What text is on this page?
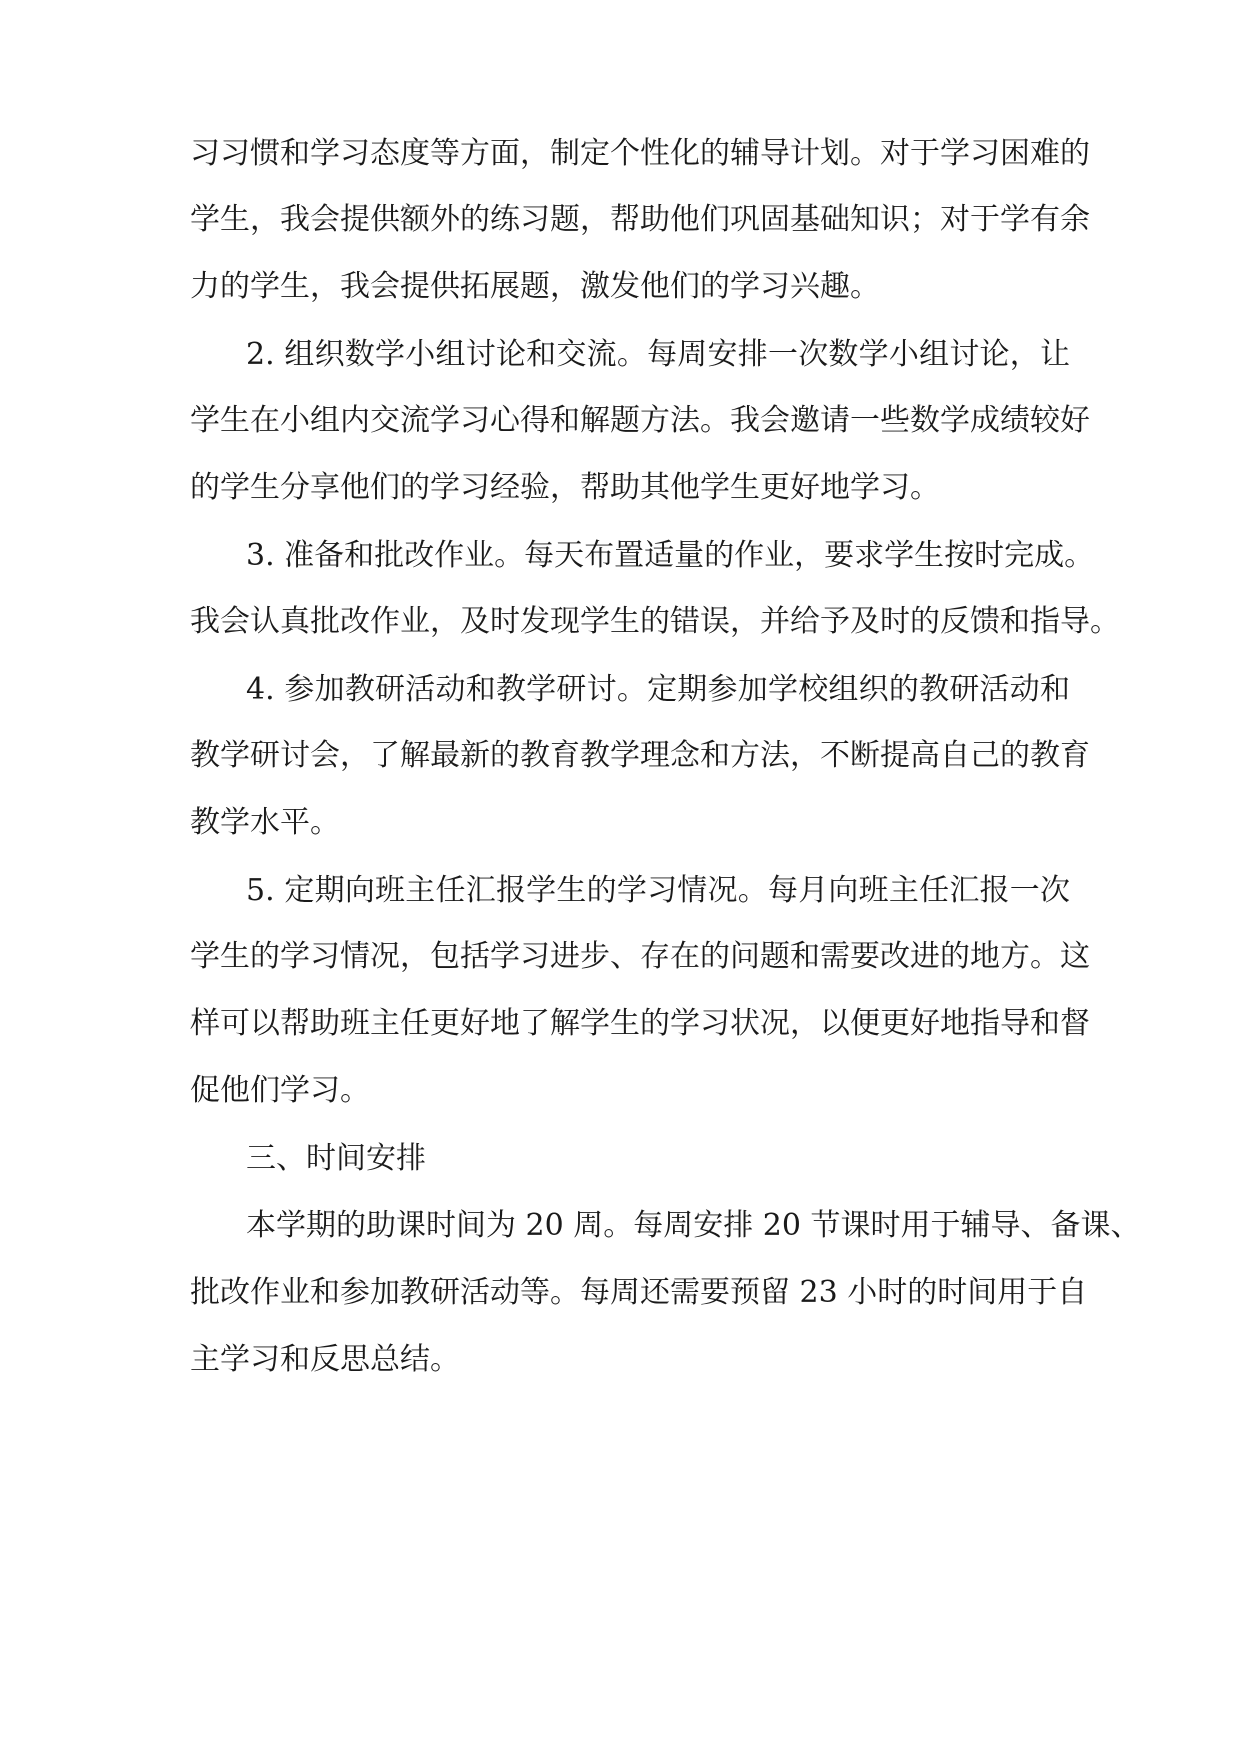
习习惯和学习态度等方面，制定个性化的辅导计划。对于学习困难的
学生，我会提供额外的练习题，帮助他们巩固基础知识；对于学有余
力的学生，我会提供拓展题，激发他们的学习兴趣。
2. 组织数学小组讨论和交流。每周安排一次数学小组讨论，让
学生在小组内交流学习心得和解题方法。我会邀请一些数学成绩较好
的学生分享他们的学习经验，帮助其他学生更好地学习。
3. 准备和批改作业。每天布置适量的作业，要求学生按时完成。
我会认真批改作业，及时发现学生的错误，并给予及时的反馈和指导。
4. 参加教研活动和教学研讨。定期参加学校组织的教研活动和
教学研讨会，了解最新的教育教学理念和方法，不断提高自己的教育
教学水平。
5. 定期向班主任汇报学生的学习情况。每月向班主任汇报一次
学生的学习情况，包括学习进步、存在的问题和需要改进的地方。这
样可以帮助班主任更好地了解学生的学习状况，以便更好地指导和督
促他们学习。
三、时间安排
本学期的助课时间为 20 周。每周安排 20 节课时用于辅导、备课、
批改作业和参加教研活动等。每周还需要预留 23 小时的时间用于自
主学习和反思总结。
